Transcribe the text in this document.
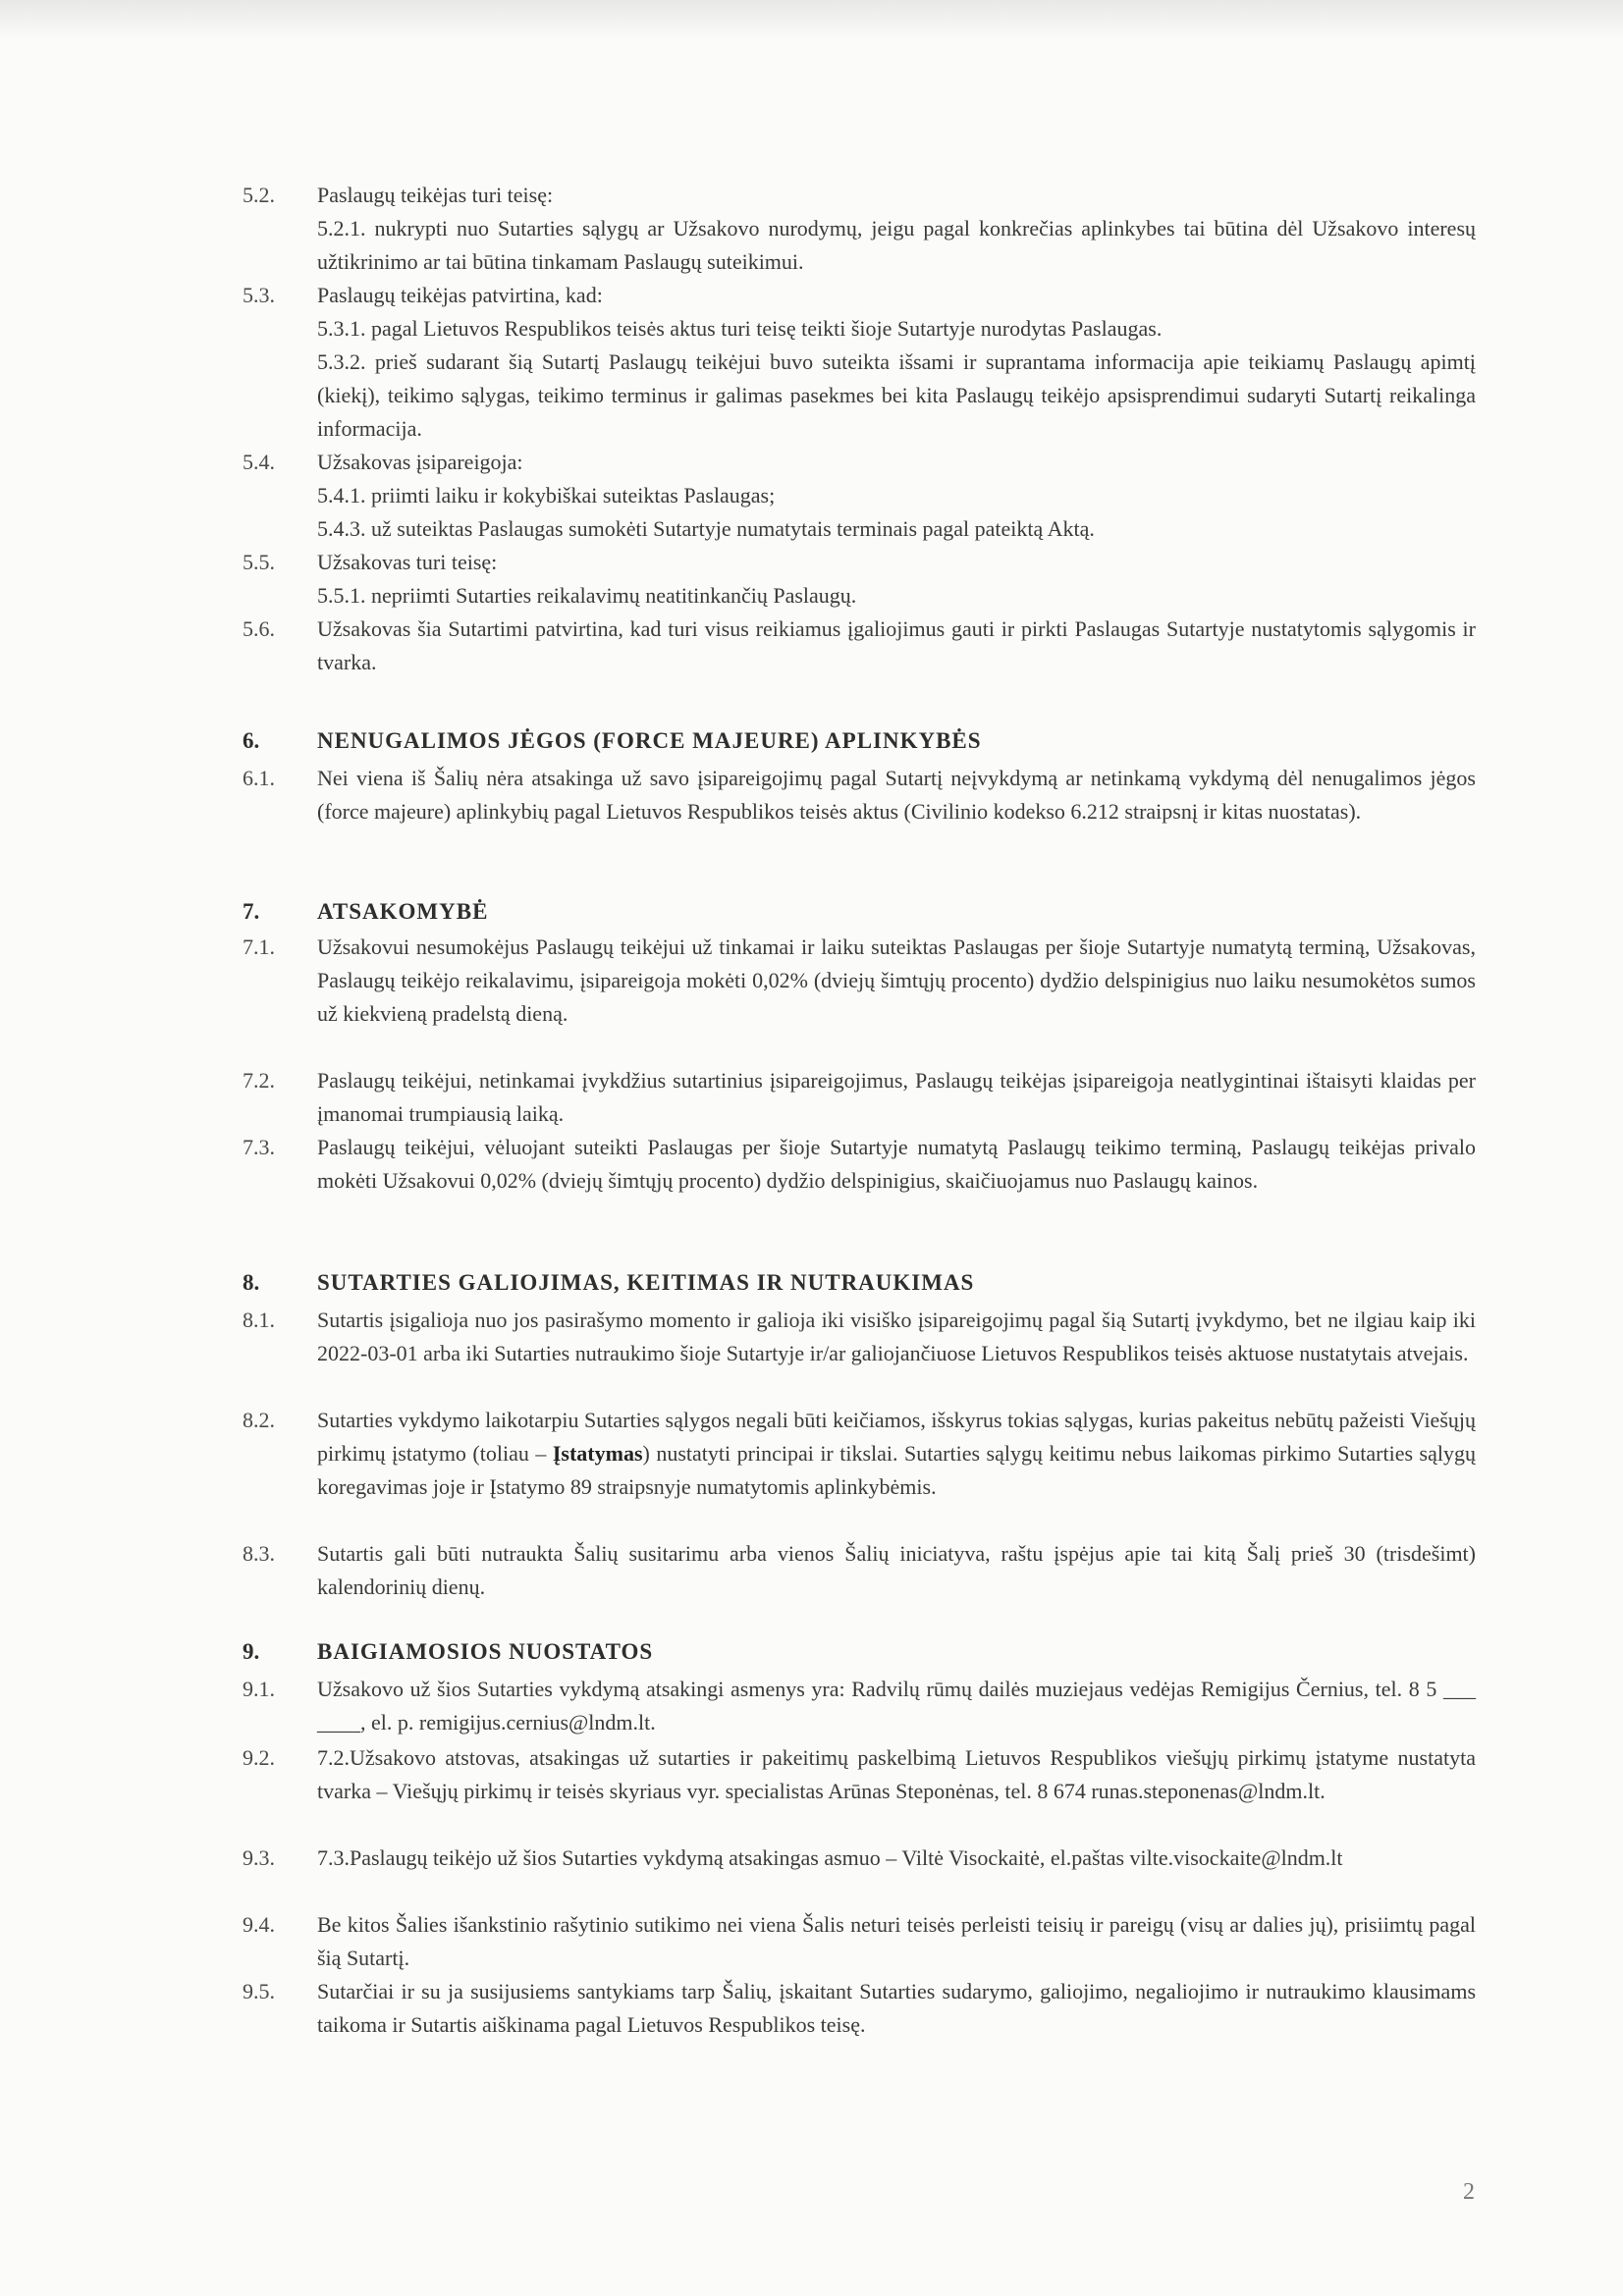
5.2. Paslaugų teikėjas turi teisę:
5.2.1. nukrypti nuo Sutarties sąlygų ar Užsakovo nurodymų, jeigu pagal konkrečias aplinkybes tai būtina dėl Užsakovo interesų užtikrinimo ar tai būtina tinkamam Paslaugų suteikimui.
5.3. Paslaugų teikėjas patvirtina, kad:
5.3.1. pagal Lietuvos Respublikos teisės aktus turi teisę teikti šioje Sutartyje nurodytas Paslaugas.
5.3.2. prieš sudarant šią Sutartį Paslaugų teikėjui buvo suteikta išsami ir suprantama informacija apie teikiamų Paslaugų apimtį (kiekį), teikimo sąlygas, teikimo terminus ir galimas pasekmes bei kita Paslaugų teikėjo apsisprendimui sudaryti Sutartį reikalinga informacija.
5.4. Užsakovas įsipareigoja:
5.4.1. priimti laiku ir kokybiškai suteiktas Paslaugas;
5.4.3. už suteiktas Paslaugas sumokėti Sutartyje numatytais terminais pagal pateiktą Aktą.
5.5. Užsakovas turi teisę:
5.5.1. nepriimti Sutarties reikalavimų neatitinkančių Paslaugų.
5.6. Užsakovas šia Sutartimi patvirtina, kad turi visus reikiamus įgaliojimus gauti ir pirkti Paslaugas Sutartyje nustatytomis sąlygomis ir tvarka.
6.	NENUGALIMOS JĖGOS (FORCE MAJEURE) APLINKYBĖS
6.1. Nei viena iš Šalių nėra atsakinga už savo įsipareigojimų pagal Sutartį neįvykdymą ar netinkamą vykdymą dėl nenugalimos jėgos (force majeure) aplinkybių pagal Lietuvos Respublikos teisės aktus (Civilinio kodekso 6.212 straipsnį ir kitas nuostatas).
7.	ATSAKOMYBĖ
7.1. Užsakovui nesumokėjus Paslaugų teikėjui už tinkamai ir laiku suteiktas Paslaugas per šioje Sutartyje numatytą terminą, Užsakovas, Paslaugų teikėjo reikalavimu, įsipareigoja mokėti 0,02% (dviejų šimtųjų procento) dydžio delspinigius nuo laiku nesumokėtos sumos už kiekvieną pradelstą dieną.
7.2. Paslaugų teikėjui, netinkamai įvykdžius sutartinius įsipareigojimus, Paslaugų teikėjas įsipareigoja neatlygintinai ištaisyti klaidas per įmanomai trumpiausią laiką.
7.3. Paslaugų teikėjui, vėluojant suteikti Paslaugas per šioje Sutartyje numatytą Paslaugų teikimo terminą, Paslaugų teikėjas privalo mokėti Užsakovui 0,02% (dviejų šimtųjų procento) dydžio delspinigius, skaičiuojamus nuo Paslaugų kainos.
8.	SUTARTIES GALIOJIMAS, KEITIMAS IR NUTRAUKIMAS
8.1. Sutartis įsigalioja nuo jos pasirašymo momento ir galioja iki visiško įsipareigojimų pagal šią Sutartį įvykdymo, bet ne ilgiau kaip iki 2022-03-01 arba iki Sutarties nutraukimo šioje Sutartyje ir/ar galiojančiuose Lietuvos Respublikos teisės aktuose nustatytais atvejais.
8.2. Sutarties vykdymo laikotarpiu Sutarties sąlygos negali būti keičiamos, išskyrus tokias sąlygas, kurias pakeitus nebūtų pažeisti Viešųjų pirkimų įstatymo (toliau – Įstatymas) nustatyti principai ir tikslai. Sutarties sąlygų keitimu nebus laikomas pirkimo Sutarties sąlygų koregavimas joje ir Įstatymo 89 straipsnyje numatytomis aplinkybėmis.
8.3. Sutartis gali būti nutraukta Šalių susitarimu arba vienos Šalių iniciatyva, raštu įspėjus apie tai kitą Šalį prieš 30 (trisdešimt) kalendorinių dienų.
9.	BAIGIAMOSIOS NUOSTATOS
9.1. Užsakovo už šios Sutarties vykdymą atsakingi asmenys yra: Radvilų rūmų dailės muziejaus vedėjas Remigijus Černius, tel. 8 5 ___ ____, el. p. remigijus.cernius@lndm.lt.
9.2. 7.2.Užsakovo atstovas, atsakingas už sutarties ir pakeitimų paskelbimą Lietuvos Respublikos viešųjų pirkimų įstatyme nustatyta tvarka – Viešųjų pirkimų ir teisės skyriaus vyr. specialistas Arūnas Steponėnas, tel. 8 674 runas.steponenas@lndm.lt.
9.3. 7.3.Paslaugų teikėjo už šios Sutarties vykdymą atsakingas asmuo – Viltė Visockaitė, el.paštas vilte.visockaite@lndm.lt
9.4. Be kitos Šalies išankstinio rašytinio sutikimo nei viena Šalis neturi teisės perleisti teisių ir pareigų (visų ar dalies jų), prisiimtų pagal šią Sutartį.
9.5. Sutarčiai ir su ja susijusiems santykiams tarp Šalių, įskaitant Sutarties sudarymo, galiojimo, negaliojimo ir nutraukimo klausimams taikoma ir Sutartis aiškinama pagal Lietuvos Respublikos teisę.
2
